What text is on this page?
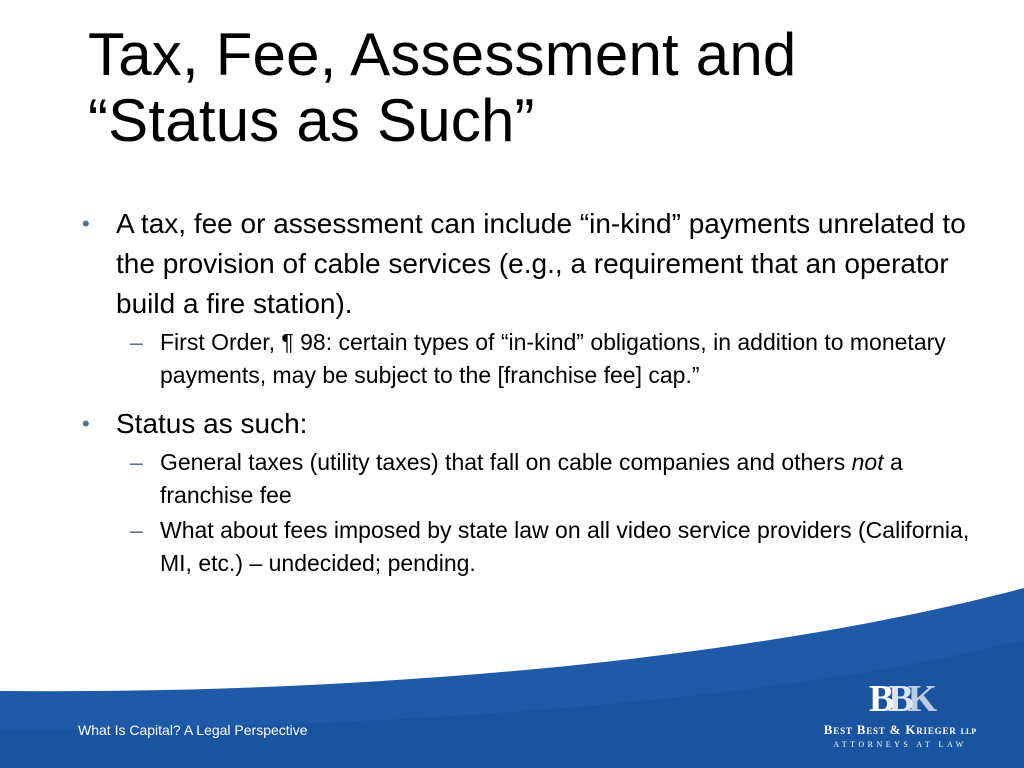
Tax, Fee, Assessment and
“Status as Such”

• A tax, fee or assessment can include “in-kind” payments unrelated to the provision of cable services (e.g., a requirement that an operator build a fire station).

– First Order, ¶ 98: certain types of “in-kind” obligations, in addition to monetary payments, may be subject to the [franchise fee] cap.”

• Status as such:

– General taxes (utility taxes) that fall on cable companies and others not a franchise fee

– What about fees imposed by state law on all video service providers (California, MI, etc.) – undecided; pending.

What Is Capital? A Legal Perspective
BBK
Best Best & Krieger LLP
ATTORNEYS AT LAW
